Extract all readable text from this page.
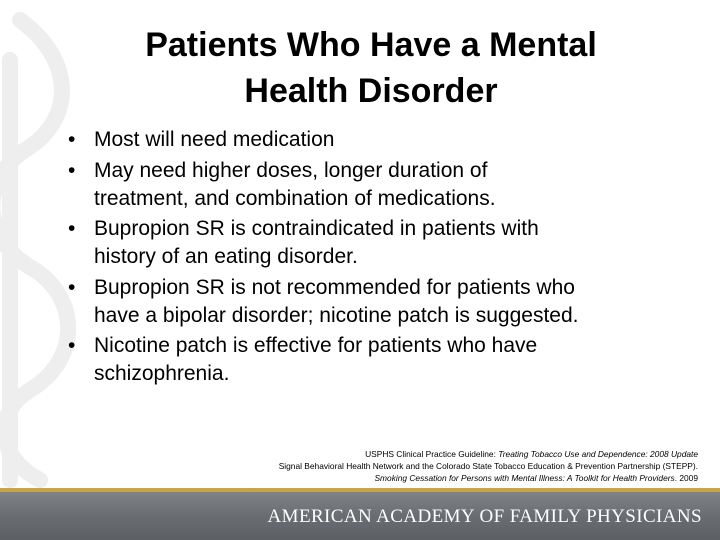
Patients Who Have a Mental
Health Disorder
• Most will need medication
• May need higher doses, longer duration of
treatment, and combination of medications.
• Bupropion SR is contraindicated in patients with
history of an eating disorder.
• Bupropion SR is not recommended for patients who
have a bipolar disorder; nicotine patch is suggested.
• Nicotine patch is effective for patients who have
schizophrenia.
USPHS Clinical Practice Guideline: Treating Tobacco Use and Dependence: 2008 Update
Signal Behavioral Health Network and the Colorado State Tobacco Education & Prevention Partnership (STEPP).
Smoking Cessation for Persons with Mental Illness: A Toolkit for Health Providers. 2009
AMERICAN ACADEMY OF FAMILY PHYSICIANS
